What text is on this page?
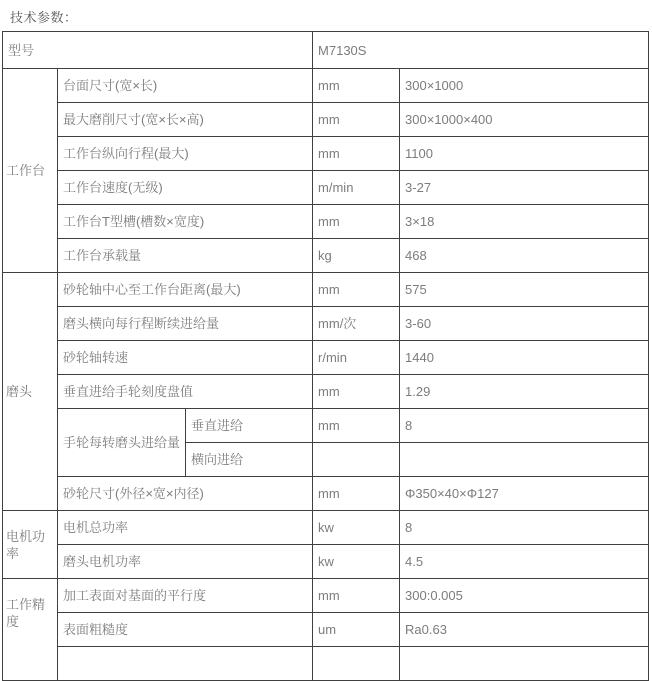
技术参数：
型号			M7130S	
工作台	台面尺寸(宽×长)		mm	300×1000
	最大磨削尺寸(宽×长×高)		mm	300×1000×400
	工作台纵向行程(最大)		mm	1100
	工作台速度(无级)		m/min	3-27
	工作台T型槽(槽数×宽度)		mm	3×18
	工作台承载量		kg	468
磨头	砂轮轴中心至工作台距离(最大)		mm	575
	磨头横向每行程断续进给量		mm/次	3-60
	砂轮轴转速		r/min	1440
	垂直进给手轮刻度盘值		mm	1.29
	手轮每转磨头进给量	垂直进给	mm	8
		横向进给		
	砂轮尺寸(外径×宽×内径)		mm	Φ350×40×Φ127
电机功率	电机总功率		kw	8
	磨头电机功率		kw	4.5
工作精度	加工表面对基面的平行度		mm	300:0.005
	表面粗糙度		um	Ra0.63
